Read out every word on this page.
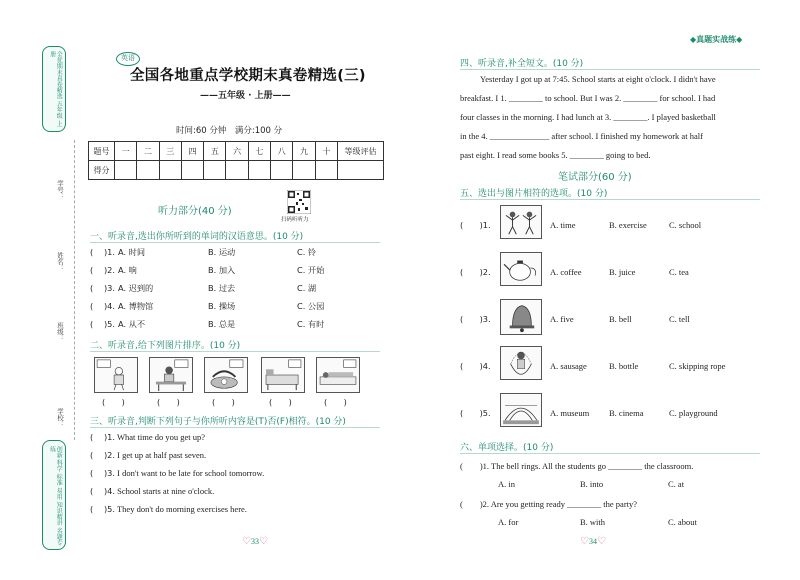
全优期末真卷精选 五年级 上册
学号：
姓名：
班级：
学校：
创新 科学 标准 易用 知识精讲 名题专练
英语
全国各地重点学校期末真卷精选(三)
——五年级 · 上册——
时间:60 分钟　满分:100 分
题号	一	二	三	四	五	六	七	八	九	十	等级评估
得分											
扫码听听力
听力部分(40 分)
一、听录音,选出你所听到的单词的汉语意思。(10 分)
( 　)1. A. 时间	B. 运动	C. 铃
( 　)2. A. 响	B. 加入	C. 开始
( 　)3. A. 迟到的	B. 过去	C. 湖
( 　)4. A. 博物馆	B. 操场	C. 公园
( 　)5. A. 从不	B. 总是	C. 有时
二、听录音,给下列图片排序。(10 分)
(　　)	(　　)	(　　)	(　　)	(　　)
三、听录音,判断下列句子与你所听内容是(T)否(F)相符。(10 分)
( 　)1. What time do you get up?
( 　)2. I get up at half past seven.
( 　)3. I don't want to be late for school tomorrow.
( 　)4. School starts at nine o'clock.
( 　)5. They don't do morning exercises here.
♡33♡
◆真题实战练◆
四、听录音,补全短文。(10 分)
Yesterday I got up at 7:45. School starts at eight o'clock. I didn't have
breakfast. I 1. ________ to school. But I was 2. ________ for school. I had
four classes in the morning. I had lunch at 3. ________. I played basketball
in the 4. ______________ after school. I finished my homework at half
past eight. I read some books 5. ________ going to bed.
笔试部分(60 分)
五、选出与图片相符的选项。(10 分)
(　　)1.	A. time	B. exercise	C. school
(　　)2.	A. coffee	B. juice	C. tea
(　　)3.	A. five	B. bell	C. tell
(　　)4.	A. sausage	B. bottle	C. skipping rope
(　　)5.	A. museum B. cinema	C. playground
六、单项选择。(10 分)
(　　)1. The bell rings. All the students go ________ the classroom.
A. in	B. into	C. at
(　　)2. Are you getting ready ________ the party?
A. for	B. with	C. about
♡34♡
